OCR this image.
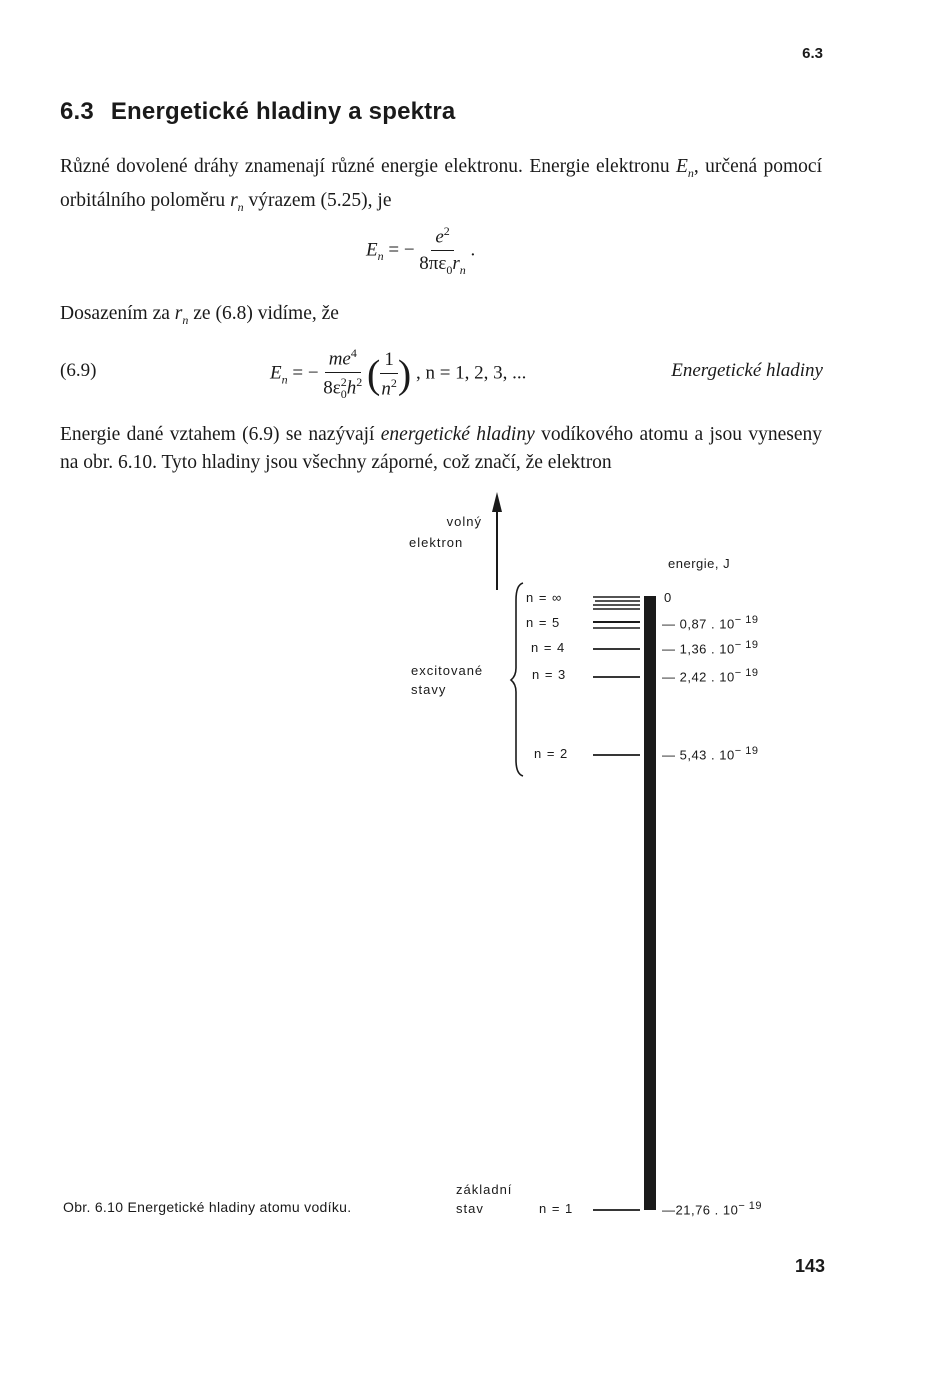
6.3
6.3 Energetické hladiny a spektra
Různé dovolené dráhy znamenají různé energie elektronu. Energie elektronu $E_n$, určená pomocí orbitálního poloměru $r_n$ výrazem (5.25), je
$E_n$ = − $\frac{e^2}{8\pi\varepsilon_0r_n}$ .
Dosazením za $r_n$ ze (6.8) vidíme, že
(6.9)	$E_n$ = − $\frac{me^4}{8\varepsilon_0^2h^2}$ ( $\frac{1}{n^2}$ ) , n = 1, 2, 3, ...	Energetické hladiny
Energie dané vztahem (6.9) se nazývají energetické hladiny vodíkového atomu a jsou vyneseny na obr. 6.10. Tyto hladiny jsou všechny záporné, což značí, že elektron
volný
elektron
energie, J
excitované
stavy
základní
stav
n = ∞
n = 5
n = 4
n = 3
n = 2
n = 1
0
— 0,87 . $10^{- 19}$
— 1,36 . $10^{- 19}$
— 2,42 . $10^{- 19}$
— 5,43 . $10^{- 19}$
—21,76 . $10^{- 19}$
Obr. 6.10 Energetické hladiny atomu vodíku.
143
